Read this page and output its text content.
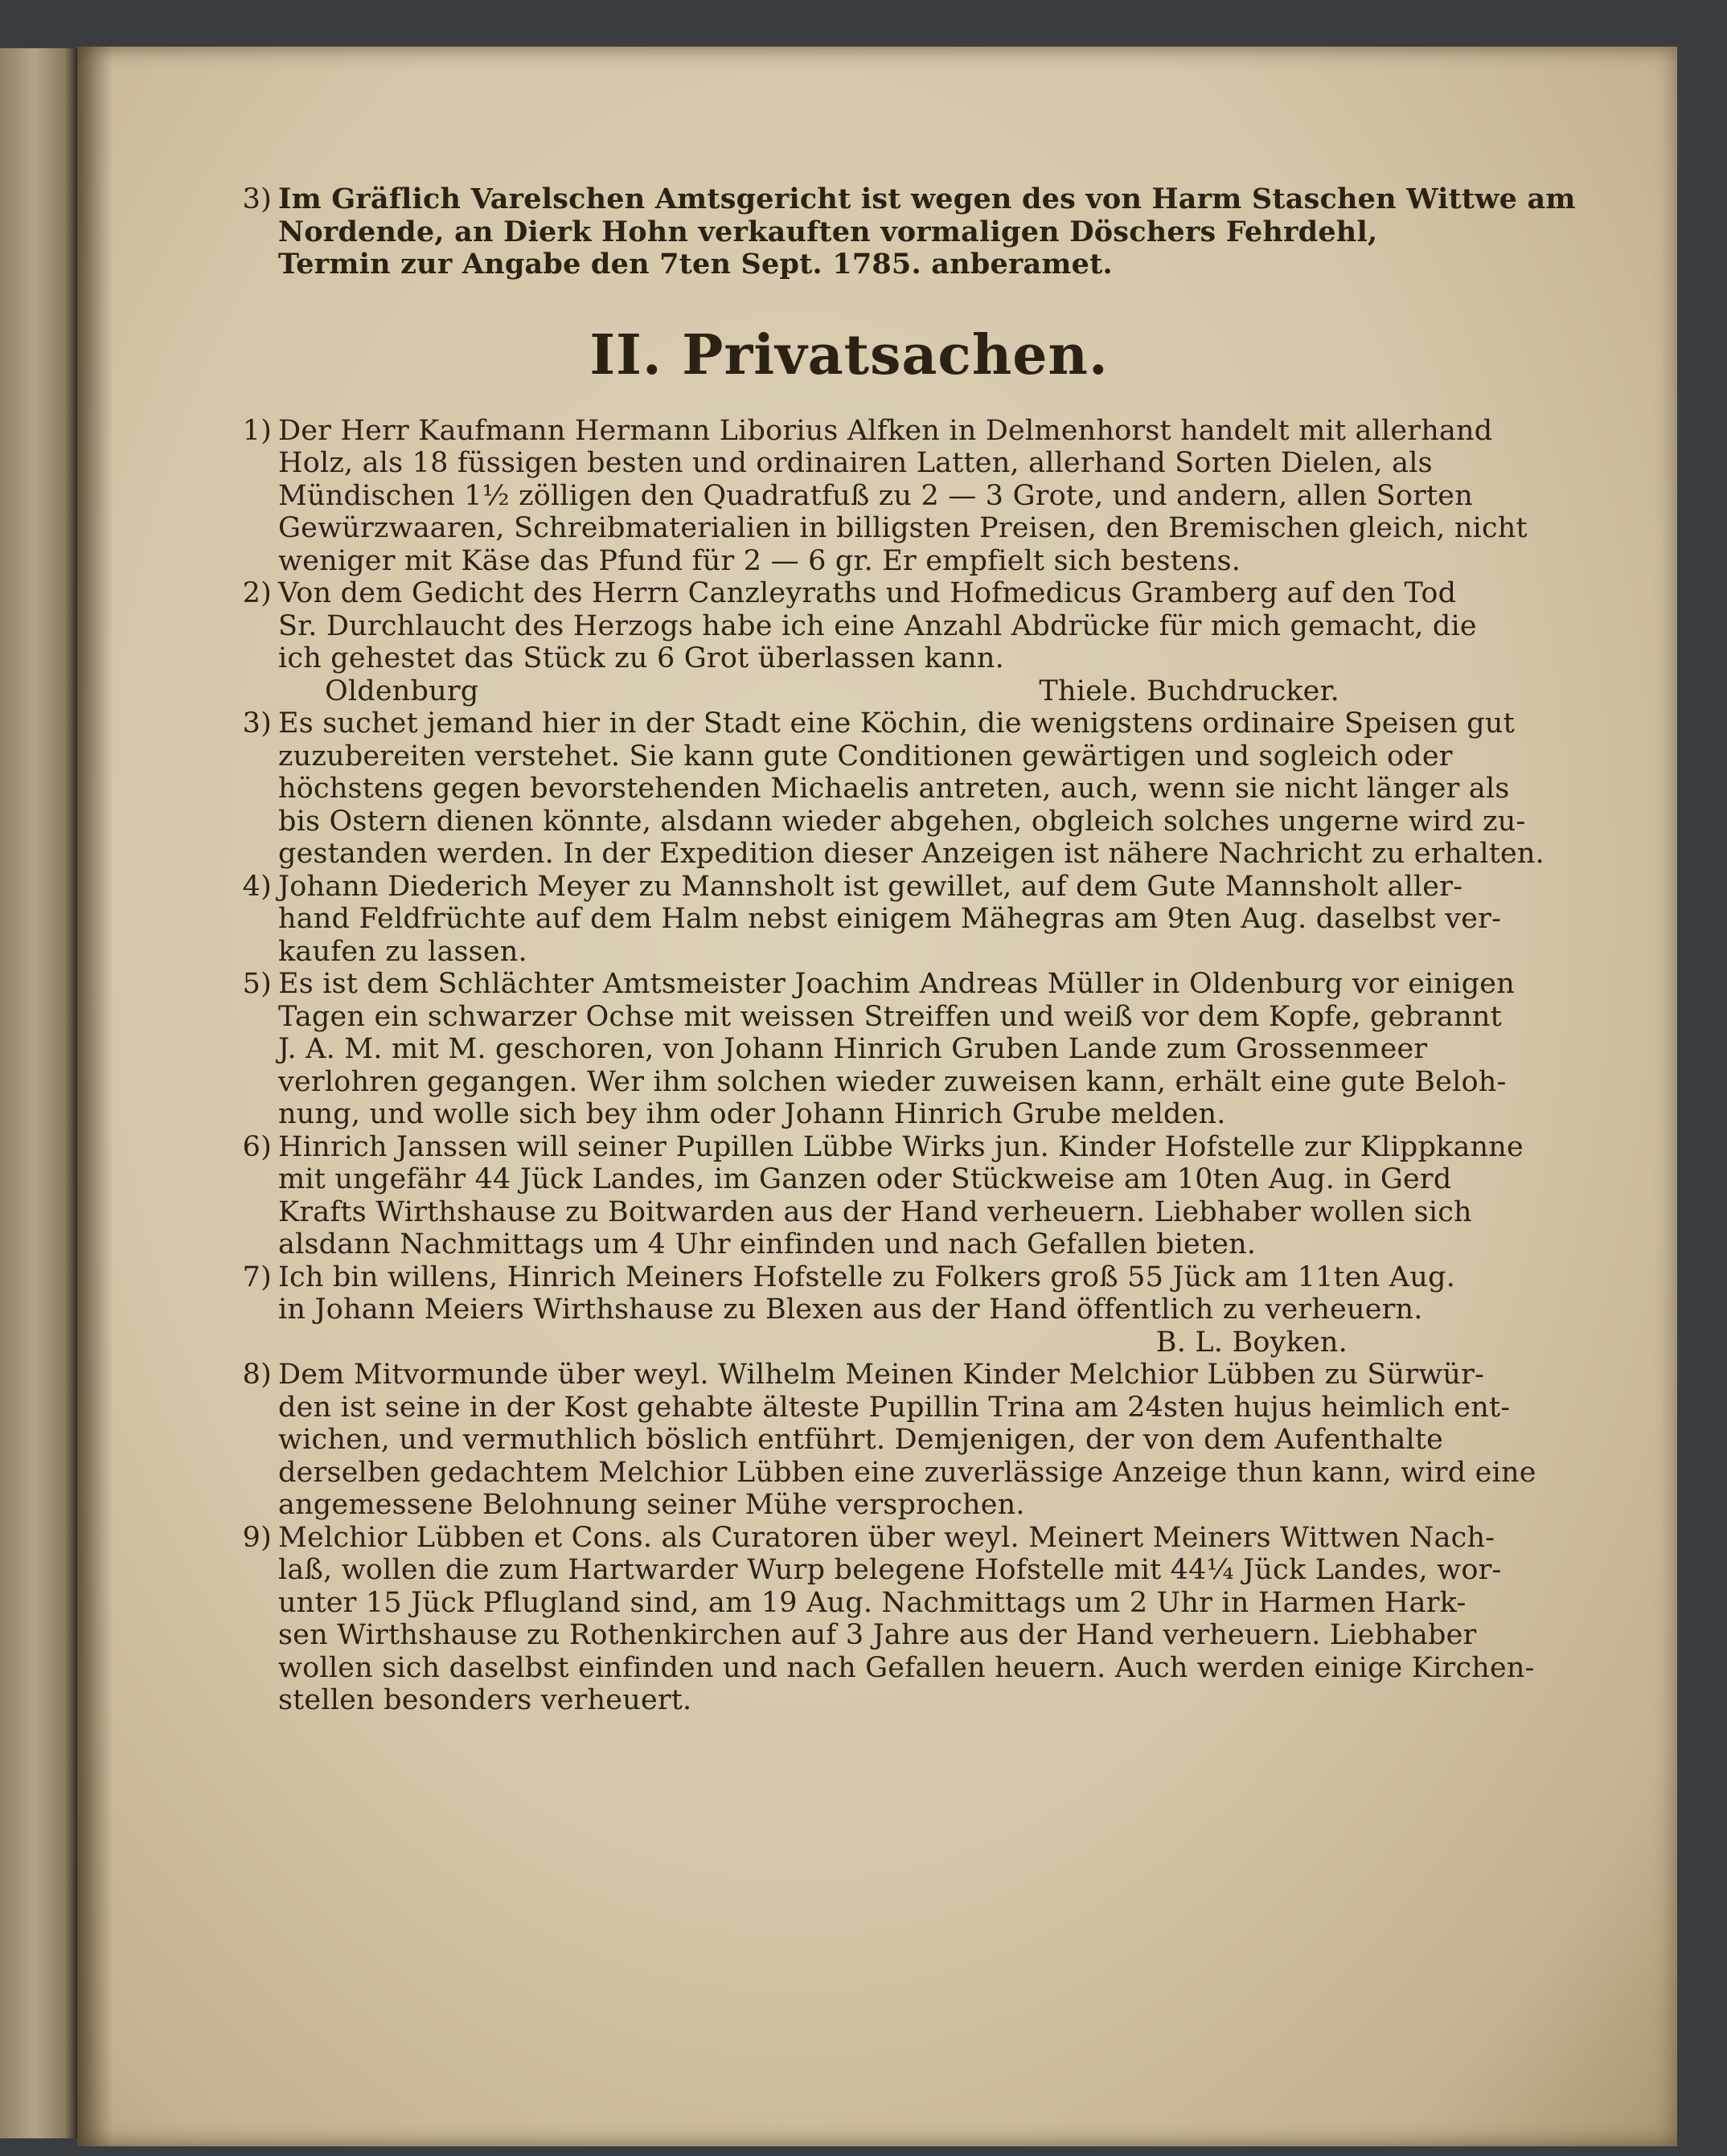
3) Im Gräflich Varelschen Amtsgericht ist wegen des von Harm Staschen Wittwe am
Nordende, an Dierk Hohn verkauften vormaligen Döschers Fehrdehl,
Termin zur Angabe den 7ten Sept. 1785. anberamet.
II. Privatsachen.
1) Der Herr Kaufmann Hermann Liborius Alfken in Delmenhorst handelt mit allerhand
Holz, als 18 füssigen besten und ordinairen Latten, allerhand Sorten Dielen, als
Mündischen 1½ zölligen den Quadratfuß zu 2 — 3 Grote, und andern, allen Sorten
Gewürzwaaren, Schreibmaterialien in billigsten Preisen, den Bremischen gleich, nicht
weniger mit Käse das Pfund für 2 — 6 gr. Er empfielt sich bestens.
2) Von dem Gedicht des Herrn Canzleyraths und Hofmedicus Gramberg auf den Tod
Sr. Durchlaucht des Herzogs habe ich eine Anzahl Abdrücke für mich gemacht, die
ich gehestet das Stück zu 6 Grot überlassen kann.
Oldenburg	Thiele. Buchdrucker.
3) Es suchet jemand hier in der Stadt eine Köchin, die wenigstens ordinaire Speisen gut
zuzubereiten verstehet. Sie kann gute Conditionen gewärtigen und sogleich oder
höchstens gegen bevorstehenden Michaelis antreten, auch, wenn sie nicht länger als
bis Ostern dienen könnte, alsdann wieder abgehen, obgleich solches ungerne wird zu-
gestanden werden. In der Expedition dieser Anzeigen ist nähere Nachricht zu erhalten.
4) Johann Diederich Meyer zu Mannsholt ist gewillet, auf dem Gute Mannsholt aller-
hand Feldfrüchte auf dem Halm nebst einigem Mähegras am 9ten Aug. daselbst ver-
kaufen zu lassen.
5) Es ist dem Schlächter Amtsmeister Joachim Andreas Müller in Oldenburg vor einigen
Tagen ein schwarzer Ochse mit weissen Streiffen und weiß vor dem Kopfe, gebrannt
J. A. M. mit M. geschoren, von Johann Hinrich Gruben Lande zum Grossenmeer
verlohren gegangen. Wer ihm solchen wieder zuweisen kann, erhält eine gute Beloh-
nung, und wolle sich bey ihm oder Johann Hinrich Grube melden.
6) Hinrich Janssen will seiner Pupillen Lübbe Wirks jun. Kinder Hofstelle zur Klippkanne
mit ungefähr 44 Jück Landes, im Ganzen oder Stückweise am 10ten Aug. in Gerd
Krafts Wirthshause zu Boitwarden aus der Hand verheuern. Liebhaber wollen sich
alsdann Nachmittags um 4 Uhr einfinden und nach Gefallen bieten.
7) Ich bin willens, Hinrich Meiners Hofstelle zu Folkers groß 55 Jück am 11ten Aug.
in Johann Meiers Wirthshause zu Blexen aus der Hand öffentlich zu verheuern.
B. L. Boyken.
8) Dem Mitvormunde über weyl. Wilhelm Meinen Kinder Melchior Lübben zu Sürwür-
den ist seine in der Kost gehabte älteste Pupillin Trina am 24sten hujus heimlich ent-
wichen, und vermuthlich böslich entführt. Demjenigen, der von dem Aufenthalte
derselben gedachtem Melchior Lübben eine zuverlässige Anzeige thun kann, wird eine
angemessene Belohnung seiner Mühe versprochen.
9) Melchior Lübben et Cons. als Curatoren über weyl. Meinert Meiners Wittwen Nach-
laß, wollen die zum Hartwarder Wurp belegene Hofstelle mit 44¼ Jück Landes, wor-
unter 15 Jück Pflugland sind, am 19 Aug. Nachmittags um 2 Uhr in Harmen Hark-
sen Wirthshause zu Rothenkirchen auf 3 Jahre aus der Hand verheuern. Liebhaber
wollen sich daselbst einfinden und nach Gefallen heuern. Auch werden einige Kirchen-
stellen besonders verheuert.
